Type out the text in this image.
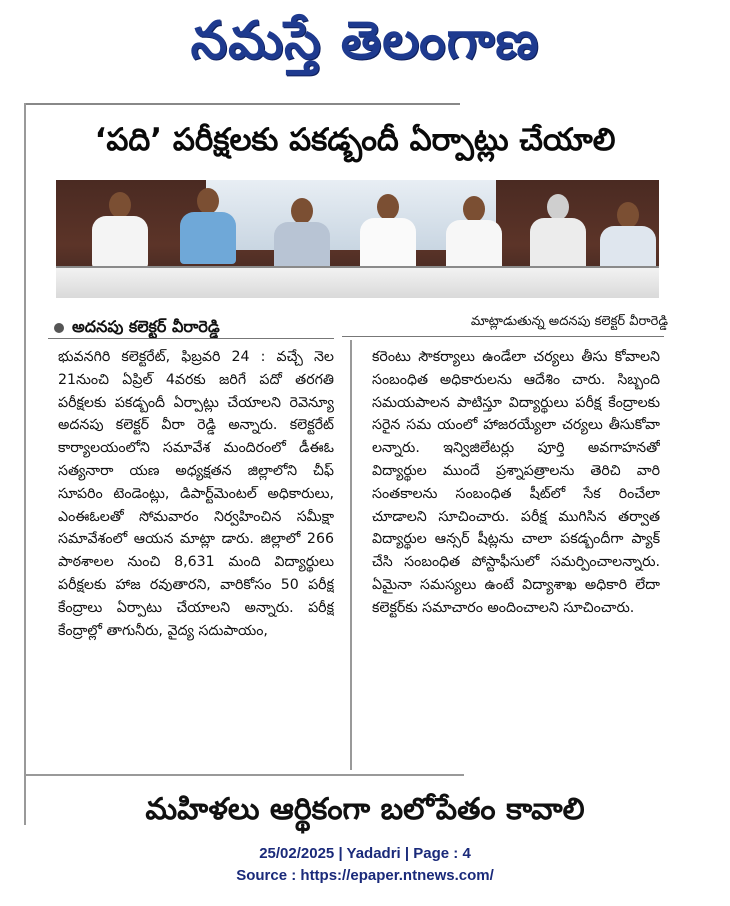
నమస్తే తెలంగాణ
‘పది’ పరీక్షలకు పకడ్బందీ ఏర్పాట్లు చేయాలి
అదనపు కలెక్టర్ వీరారెడ్డి	మాట్లాడుతున్న అదనపు కలెక్టర్ వీరారెడ్డి
భువనగిరి కలెక్టరేట్, ఫిబ్రవరి 24 : వచ్చే నెల 21నుంచి ఏప్రిల్ 4వరకు జరిగే పదో తరగతి పరీక్షలకు పకడ్బందీ ఏర్పాట్లు చేయాలని రెవెన్యూ అదనపు కలెక్టర్ వీరా రెడ్డి అన్నారు. కలెక్టరేట్ కార్యాలయంలోని సమావేశ మందిరంలో డీఈఓ సత్యనారా యణ అధ్యక్షతన జిల్లాలోని చీఫ్ సూపరిం టెండెంట్లు, డిపార్ట్‌మెంటల్ అధికారులు, ఎంఈఓలతో సోమవారం నిర్వహించిన సమీక్షా సమావేశంలో ఆయన మాట్లా డారు. జిల్లాలో 266 పాఠశాలల నుంచి 8,631 మంది విద్యార్థులు పరీక్షలకు హాజ రవుతారని, వారికోసం 50 పరీక్ష కేంద్రాలు ఏర్పాటు చేయాలని అన్నారు. పరీక్ష కేంద్రాల్లో తాగునీరు, వైద్య సదుపాయం,
కరెంటు సౌకర్యాలు ఉండేలా చర్యలు తీసు కోవాలని సంబంధిత అధికారులను ఆదేశిం చారు. సిబ్బంది సమయపాలన పాటిస్తూ విద్యార్థులు పరీక్ష కేంద్రాలకు సరైన సమ యంలో హాజరయ్యేలా చర్యలు తీసుకోవా లన్నారు. ఇన్విజిలేటర్లు పూర్తి అవగాహనతో విద్యార్థుల ముందే ప్రశ్నాపత్రాలను తెరిచి వారి సంతకాలను సంబంధిత షీట్‌లో సేక రించేలా చూడాలని సూచించారు. పరీక్ష ముగిసిన తర్వాత విద్యార్థుల ఆన్సర్ షీట్లను చాలా పకడ్బందీగా ప్యాక్ చేసి సంబంధిత పోస్టాఫీసులో సమర్పించాలన్నారు. ఏమైనా సమస్యలు ఉంటే విద్యాశాఖ అధికారి లేదా కలెక్టర్‌కు సమాచారం అందించాలని సూచించారు.
మహిళలు ఆర్థికంగా బలోపేతం కావాలి
25/02/2025 | Yadadri | Page : 4
Source : https://epaper.ntnews.com/
